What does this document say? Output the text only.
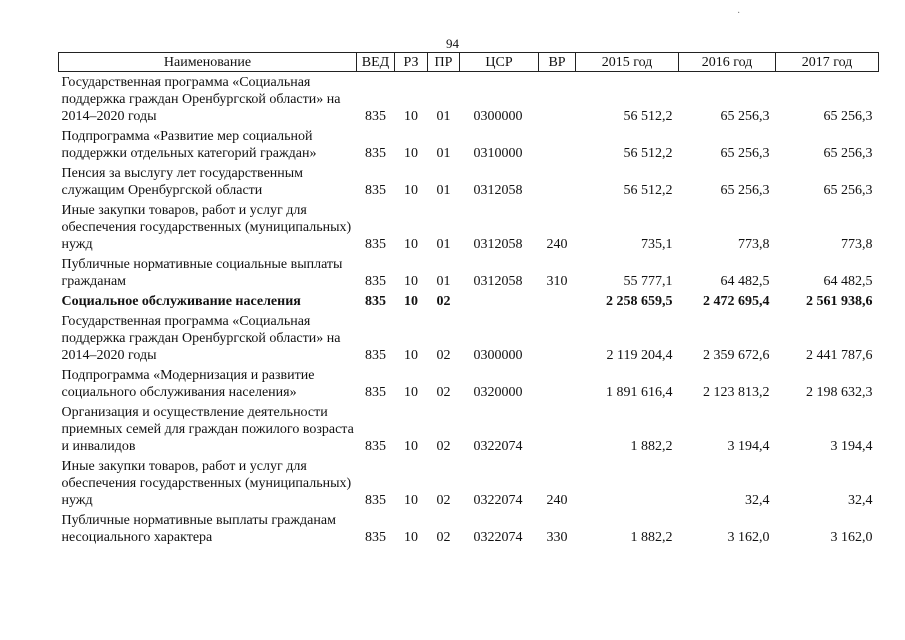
·
94
Наименование	ВЕД	РЗ	ПР	ЦСР	ВР	2015 год	2016 год	2017 год
Государственная программа «Социальная поддержка граждан Оренбургской области» на 2014–2020 годы	835	10	01	0300000		56 512,2	65 256,3	65 256,3
Подпрограмма «Развитие мер социальной поддержки отдельных категорий граждан»	835	10	01	0310000		56 512,2	65 256,3	65 256,3
Пенсия за выслугу лет государственным служащим Оренбургской области	835	10	01	0312058		56 512,2	65 256,3	65 256,3
Иные закупки товаров, работ и услуг для обеспечения государственных (муниципальных) нужд	835	10	01	0312058	240	735,1	773,8	773,8
Публичные нормативные социальные выплаты гражданам	835	10	01	0312058	310	55 777,1	64 482,5	64 482,5
Социальное обслуживание населения	835	10	02			2 258 659,5	2 472 695,4	2 561 938,6
Государственная программа «Социальная поддержка граждан Оренбургской области» на 2014–2020 годы	835	10	02	0300000		2 119 204,4	2 359 672,6	2 441 787,6
Подпрограмма «Модернизация и развитие социального обслуживания населения»	835	10	02	0320000		1 891 616,4	2 123 813,2	2 198 632,3
Организация и осуществление деятельности приемных семей для граждан пожилого возраста и инвалидов	835	10	02	0322074		1 882,2	3 194,4	3 194,4
Иные закупки товаров, работ и услуг для обеспечения государственных (муниципальных) нужд	835	10	02	0322074	240		32,4	32,4
Публичные нормативные выплаты гражданам несоциального характера	835	10	02	0322074	330	1 882,2	3 162,0	3 162,0
